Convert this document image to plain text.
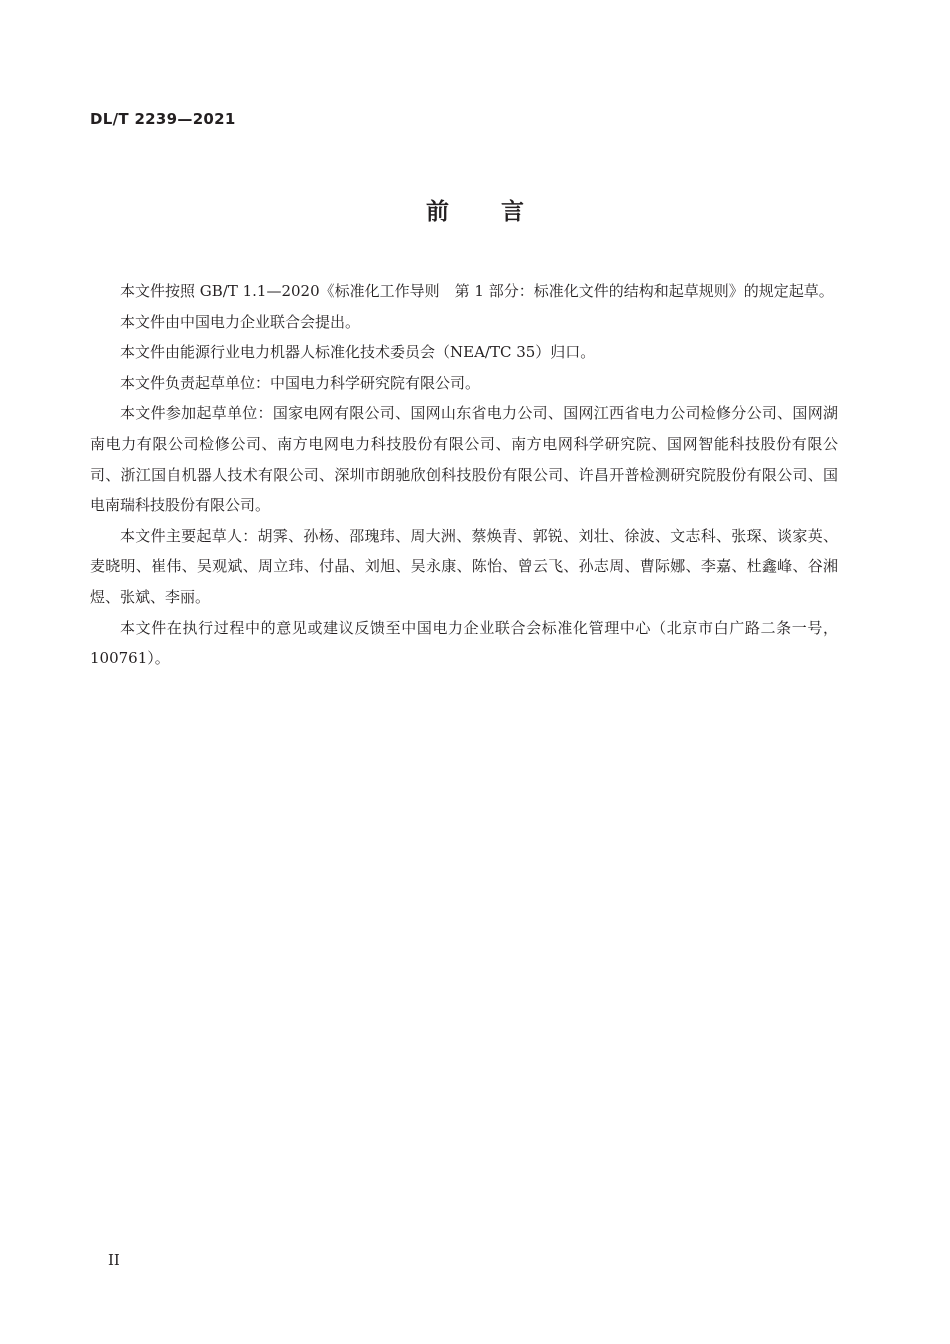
DL/T 2239—2021
前言

本文件按照 GB/T 1.1—2020《标准化工作导则　第 1 部分：标准化文件的结构和起草规则》的规定起草。

本文件由中国电力企业联合会提出。

本文件由能源行业电力机器人标准化技术委员会（NEA/TC 35）归口。

本文件负责起草单位：中国电力科学研究院有限公司。

本文件参加起草单位：国家电网有限公司、国网山东省电力公司、国网江西省电力公司检修分公司、国网湖南电力有限公司检修公司、南方电网电力科技股份有限公司、南方电网科学研究院、国网智能科技股份有限公司、浙江国自机器人技术有限公司、深圳市朗驰欣创科技股份有限公司、许昌开普检测研究院股份有限公司、国电南瑞科技股份有限公司。

本文件主要起草人：胡霁、孙杨、邵瑰玮、周大洲、蔡焕青、郭锐、刘壮、徐波、文志科、张琛、谈家英、麦晓明、崔伟、吴观斌、周立玮、付晶、刘旭、吴永康、陈怡、曾云飞、孙志周、曹际娜、李嘉、杜鑫峰、谷湘煜、张斌、李丽。

本文件在执行过程中的意见或建议反馈至中国电力企业联合会标准化管理中心（北京市白广路二条一号，100761）。

II
